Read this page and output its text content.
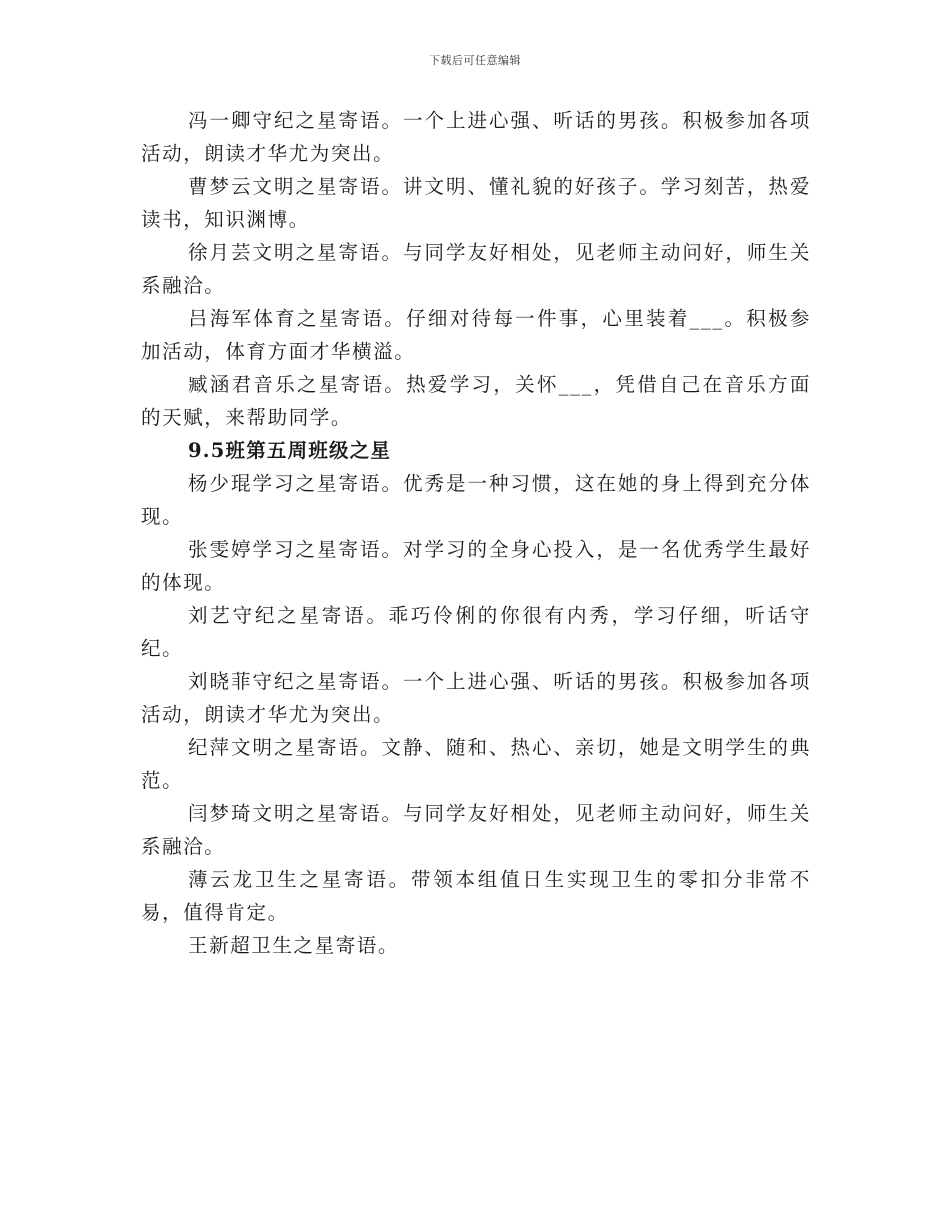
下载后可任意编辑

冯一卿守纪之星寄语。一个上进心强、听话的男孩。积极参加各项活动，朗读才华尤为突出。

曹梦云文明之星寄语。讲文明、懂礼貌的好孩子。学习刻苦，热爱读书，知识渊博。

徐月芸文明之星寄语。与同学友好相处，见老师主动问好，师生关系融洽。

吕海军体育之星寄语。仔细对待每一件事，心里装着___。积极参加活动，体育方面才华横溢。

臧涵君音乐之星寄语。热爱学习，关怀___，凭借自己在音乐方面的天赋，来帮助同学。

9.5班第五周班级之星

杨少琨学习之星寄语。优秀是一种习惯，这在她的身上得到充分体现。

张雯婷学习之星寄语。对学习的全身心投入，是一名优秀学生最好的体现。

刘艺守纪之星寄语。乖巧伶俐的你很有内秀，学习仔细，听话守纪。

刘晓菲守纪之星寄语。一个上进心强、听话的男孩。积极参加各项活动，朗读才华尤为突出。

纪萍文明之星寄语。文静、随和、热心、亲切，她是文明学生的典范。

闫梦琦文明之星寄语。与同学友好相处，见老师主动问好，师生关系融洽。

薄云龙卫生之星寄语。带领本组值日生实现卫生的零扣分非常不易，值得肯定。

王新超卫生之星寄语。
